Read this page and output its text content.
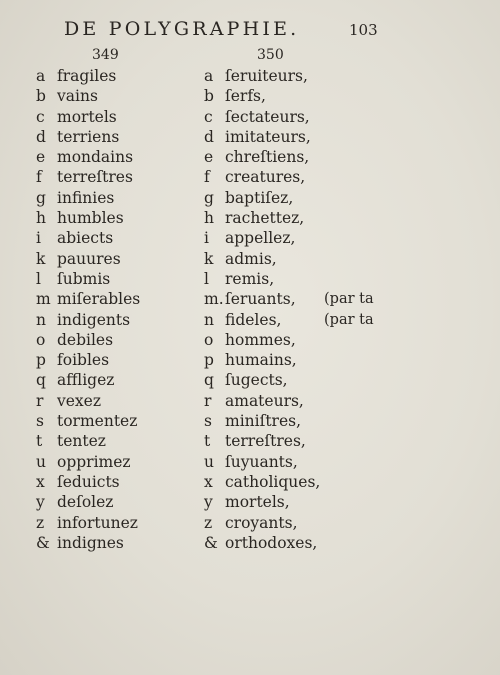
DE POLYGRAPHIE.	103
349	350
a fragiles
b vains
c mortels
d terriens
e mondains
f terreſtres
g infinies
h humbles
i abiects
k pauures
l ſubmis
m miſerables
n indigents
o debiles
p foibles
q affligez
r vexez
s tormentez
t tentez
u opprimez
x ſeduicts
y deſolez
z infortunez
& indignes
a ſeruiteurs,
b ſerfs,
c ſectateurs,
d imitateurs,
e chreſtiens,
f creatures,
g baptiſez,
h rachettez,
i appellez,
k admis,
l remis,
m. ſeruants,
n fideles,
o hommes,
p humains,
q ſugects,
r amateurs,
s miniſtres,
t terreſtres,
u ſuyuants,
x catholiques,
y mortels,
z croyants,
& orthodoxes,
(par ta
(par ta
